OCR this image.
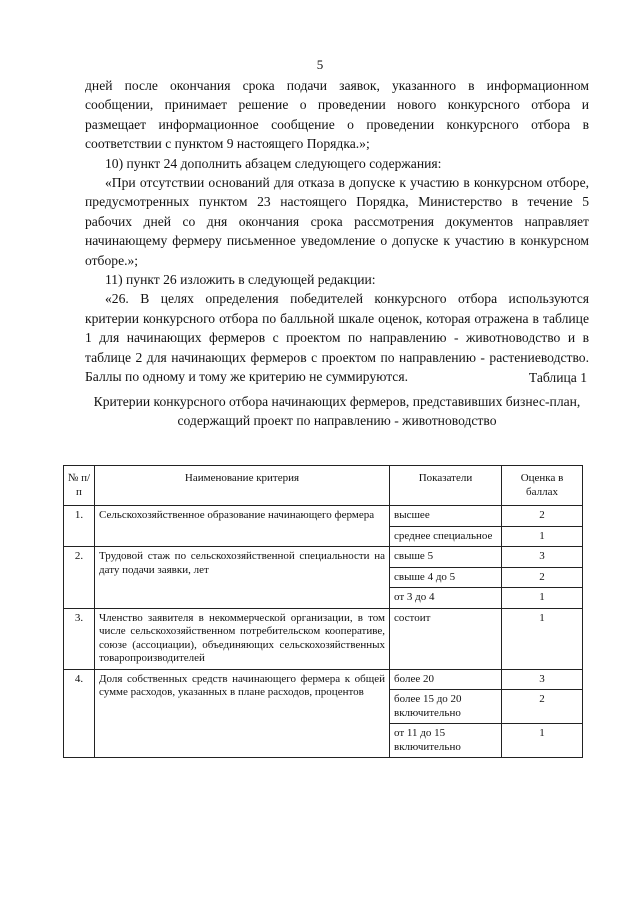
5

дней после окончания срока подачи заявок, указанного в информационном сообщении, принимает решение о проведении нового конкурсного отбора и размещает информационное сообщение о проведении конкурсного отбора в соответствии с пунктом 9 настоящего Порядка.»;

10) пункт 24 дополнить абзацем следующего содержания:

«При отсутствии оснований для отказа в допуске к участию в конкурсном отборе, предусмотренных пунктом 23 настоящего Порядка, Министерство в течение 5 рабочих дней со дня окончания срока рассмотрения документов направляет начинающему фермеру письменное уведомление о допуске к участию в конкурсном отборе.»;

11) пункт 26 изложить в следующей редакции:

«26. В целях определения победителей конкурсного отбора используются критерии конкурсного отбора по балльной шкале оценок, которая отражена в таблице 1 для начинающих фермеров с проектом по направлению - животноводство и в таблице 2 для начинающих фермеров с проектом по направлению - растениеводство. Баллы по одному и тому же критерию не суммируются.	Таблица 1
Критерии конкурсного отбора начинающих фермеров, представивших бизнес-план, содержащий проект по направлению - животноводство
№ п/п	Наименование критерия	Показатели	Оценка в баллах
1.	Сельскохозяйственное образование начинающего фермера	высшее	2
		среднее специальное	1
2.	Трудовой стаж по сельскохозяйственной специальности на дату подачи заявки, лет	свыше 5	3
		свыше 4 до 5	2
		от 3 до 4	1
3.	Членство заявителя в некоммерческой организации, в том числе сельскохозяйственном потребительском кооперативе, союзе (ассоциации), объединяющих сельскохозяйственных товаропроизводителей	состоит	1
4.	Доля собственных средств начинающего фермера к общей сумме расходов, указанных в плане расходов, процентов	более 20	3
		более 15 до 20 включительно	2
		от 11 до 15 включительно	1
